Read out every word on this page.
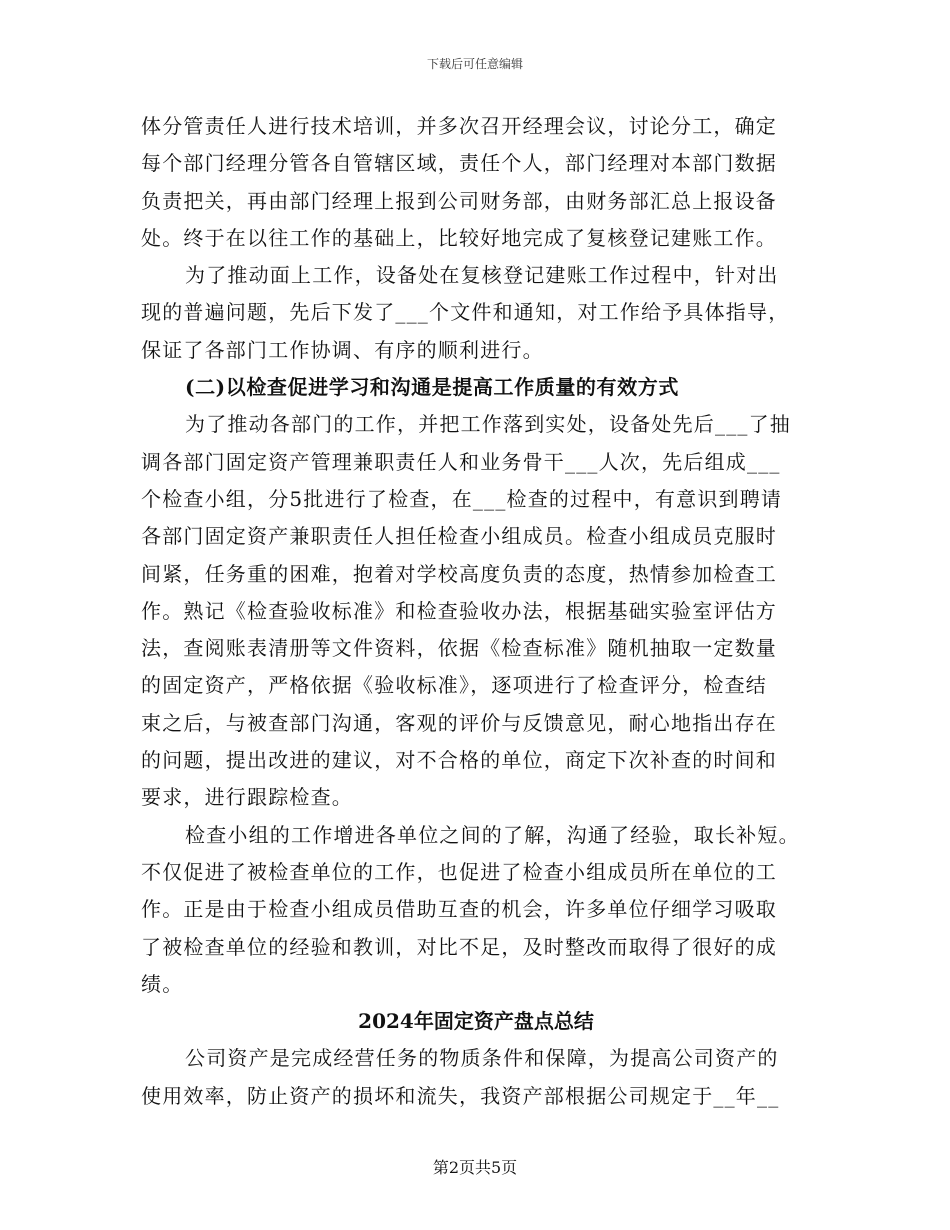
下载后可任意编辑
体分管责任人进行技术培训，并多次召开经理会议，讨论分工，确定
每个部门经理分管各自管辖区域，责任个人，部门经理对本部门数据
负责把关，再由部门经理上报到公司财务部，由财务部汇总上报设备
处。终于在以往工作的基础上，比较好地完成了复核登记建账工作。
为了推动面上工作，设备处在复核登记建账工作过程中，针对出
现的普遍问题，先后下发了___个文件和通知，对工作给予具体指导，
保证了各部门工作协调、有序的顺利进行。
(二)以检查促进学习和沟通是提高工作质量的有效方式
为了推动各部门的工作，并把工作落到实处，设备处先后___了抽
调各部门固定资产管理兼职责任人和业务骨干___人次，先后组成___
个检查小组，分5批进行了检查，在___检查的过程中，有意识到聘请
各部门固定资产兼职责任人担任检查小组成员。检查小组成员克服时
间紧，任务重的困难，抱着对学校高度负责的态度，热情参加检查工
作。熟记《检查验收标准》和检查验收办法，根据基础实验室评估方
法，查阅账表清册等文件资料，依据《检查标准》随机抽取一定数量
的固定资产，严格依据《验收标准》，逐项进行了检查评分，检查结
束之后，与被查部门沟通，客观的评价与反馈意见，耐心地指出存在
的问题，提出改进的建议，对不合格的单位，商定下次补查的时间和
要求，进行跟踪检查。
检查小组的工作增进各单位之间的了解，沟通了经验，取长补短。
不仅促进了被检查单位的工作，也促进了检查小组成员所在单位的工
作。正是由于检查小组成员借助互查的机会，许多单位仔细学习吸取
了被检查单位的经验和教训，对比不足，及时整改而取得了很好的成
绩。
2024年固定资产盘点总结
公司资产是完成经营任务的物质条件和保障，为提高公司资产的
使用效率，防止资产的损坏和流失，我资产部根据公司规定于__年__
第2页共5页
